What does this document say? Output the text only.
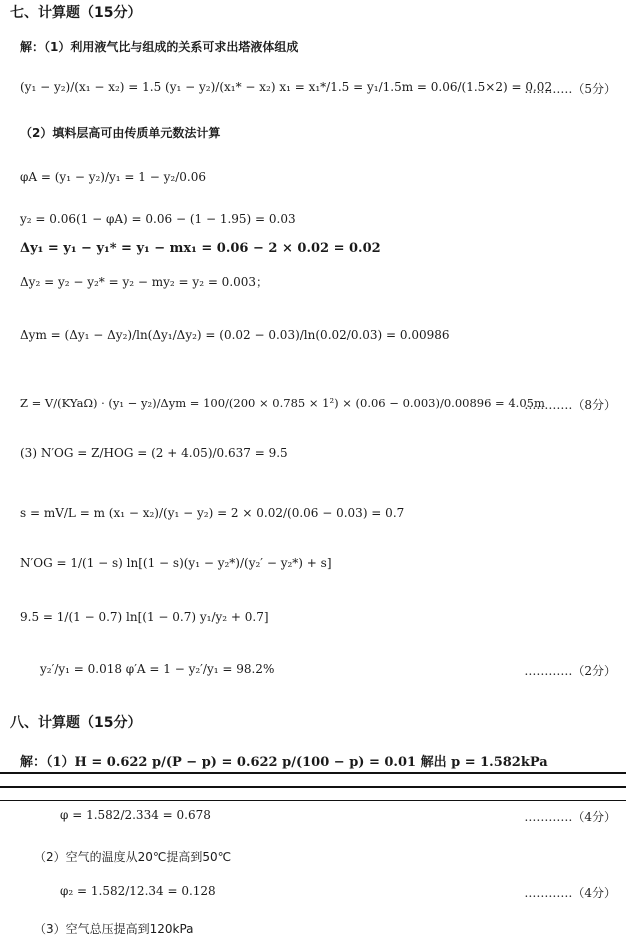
七、计算题（15分）
解：（1）利用液气比与组成的关系可求出塔液体组成
(y₁ − y₂)/(x₁ − x₂) = 1.5 (y₁ − y₂)/(x₁* − x₂) x₁ = x₁*/1.5 = y₁/1.5m = 0.06/(1.5×2) = 0.02
…………（5分）
（2）填料层高可由传质单元数法计算
φA = (y₁ − y₂)/y₁ = 1 − y₂/0.06
y₂ = 0.06(1 − φA) = 0.06 − (1 − 1.95) = 0.03
Δy₁ = y₁ − y₁* = y₁ − mx₁ = 0.06 − 2 × 0.02 = 0.02
Δy₂ = y₂ − y₂* = y₂ − my₂ = y₂ = 0.003；
Δym = (Δy₁ − Δy₂)/ln(Δy₁/Δy₂) = (0.02 − 0.03)/ln(0.02/0.03) = 0.00986
Z = V/(KYaΩ) · (y₁ − y₂)/Δym = 100/(200 × 0.785 × 1²) × (0.06 − 0.003)/0.00896 = 4.05m
…………（8分）
(3) N′OG = Z/HOG = (2 + 4.05)/0.637 = 9.5
s = mV/L = m (x₁ − x₂)/(y₁ − y₂) = 2 × 0.02/(0.06 − 0.03) = 0.7
N′OG = 1/(1 − s) ln[(1 − s)(y₁ − y₂*)/(y₂′ − y₂*) + s]
9.5 = 1/(1 − 0.7) ln[(1 − 0.7) y₁/y₂ + 0.7]
y₂′/y₁ = 0.018 φ′A = 1 − y₂′/y₁ = 98.2%	…………（2分）
八、计算题（15分）
解：（1）H = 0.622 p/(P − p) = 0.622 p/(100 − p) = 0.01 解出 p = 1.582kPa
φ = 1.582/2.334 = 0.678	…………（4分）
（2）空气的温度从20℃提高到50℃
φ₂ = 1.582/12.34 = 0.128	…………（4分）
（3）空气总压提高到120kPa
